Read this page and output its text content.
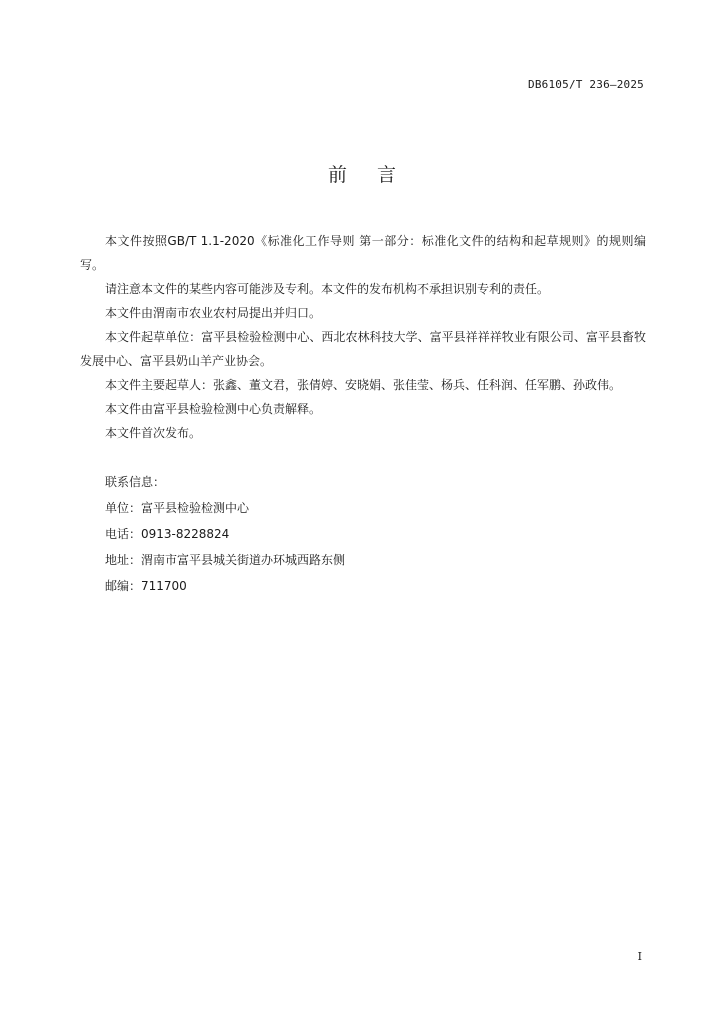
DB6105/T 236—2025
前言

本文件按照GB/T 1.1-2020《标准化工作导则 第一部分：标准化文件的结构和起草规则》的规则编写。

请注意本文件的某些内容可能涉及专利。本文件的发布机构不承担识别专利的责任。

本文件由渭南市农业农村局提出并归口。

本文件起草单位：富平县检验检测中心、西北农林科技大学、富平县祥祥祥牧业有限公司、富平县畜牧发展中心、富平县奶山羊产业协会。

本文件主要起草人：张鑫、董文君，张倩婷、安晓娟、张佳莹、杨兵、任科润、任军鹏、孙政伟。

本文件由富平县检验检测中心负责解释。

本文件首次发布。

联系信息：

单位：富平县检验检测中心

电话：0913-8228824

地址：渭南市富平县城关街道办环城西路东侧

邮编：711700

I
